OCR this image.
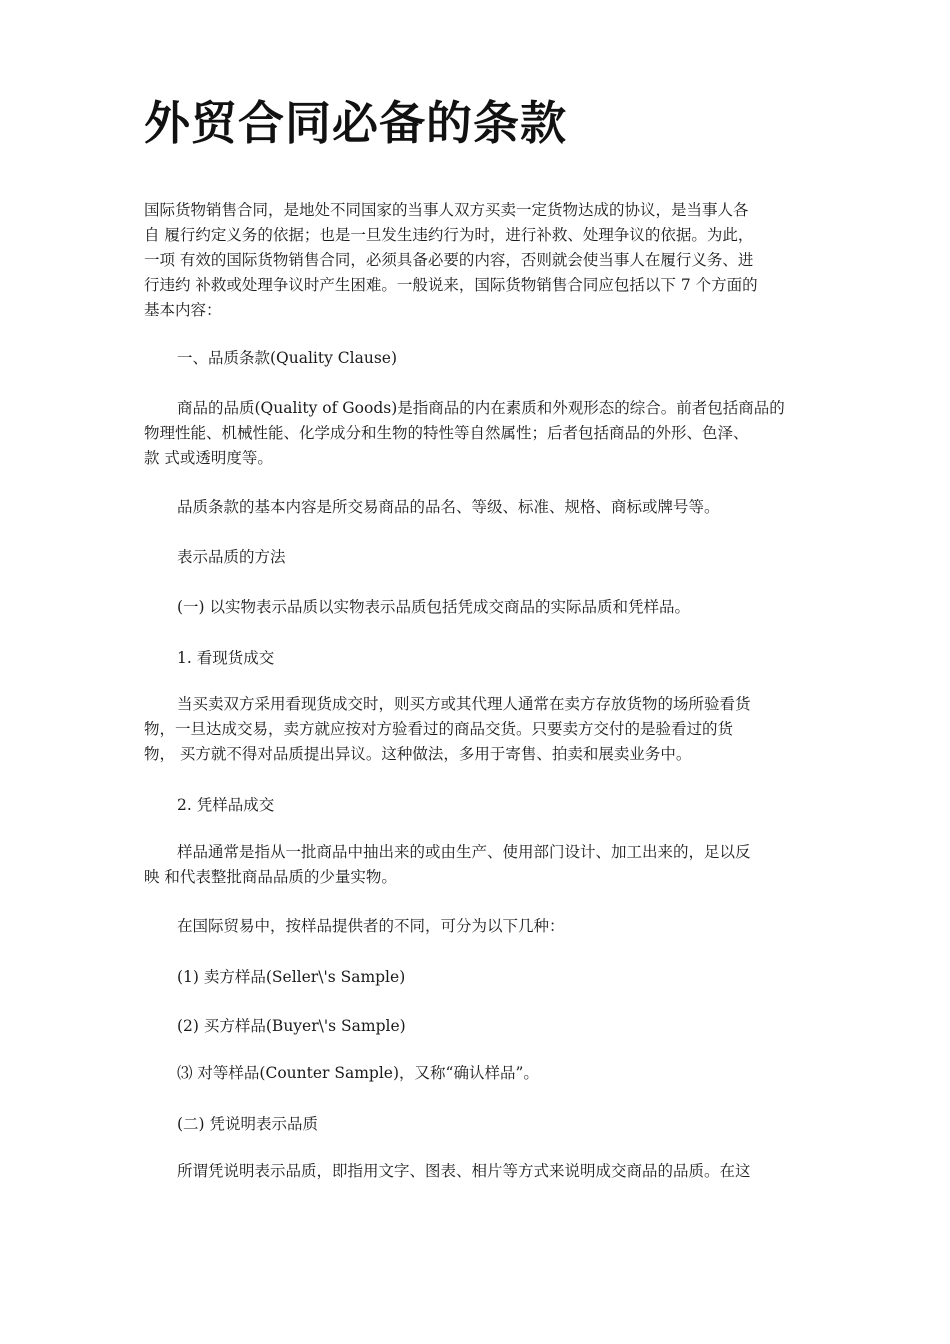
外贸合同必备的条款
国际货物销售合同，是地处不同国家的当事人双方买卖一定货物达成的协议，是当事人各
自 履行约定义务的依据；也是一旦发生违约行为时，进行补救、处理争议的依据。为此，
一项 有效的国际货物销售合同，必须具备必要的内容，否则就会使当事人在履行义务、进
行违约 补救或处理争议时产生困难。一般说来，国际货物销售合同应包括以下 7 个方面的
基本内容：
一、品质条款(Quality Clause)
商品的品质(Quality of Goods)是指商品的内在素质和外观形态的综合。前者包括商品的
物理性能、机械性能、化学成分和生物的特性等自然属性；后者包括商品的外形、色泽、
款 式或透明度等。
品质条款的基本内容是所交易商品的品名、等级、标准、规格、商标或牌号等。
表示品质的方法
(一) 以实物表示品质以实物表示品质包括凭成交商品的实际品质和凭样品。
1. 看现货成交
当买卖双方采用看现货成交时，则买方或其代理人通常在卖方存放货物的场所验看货
物，一旦达成交易，卖方就应按对方验看过的商品交货。只要卖方交付的是验看过的货
物， 买方就不得对品质提出异议。这种做法，多用于寄售、拍卖和展卖业务中。
2. 凭样品成交
样品通常是指从一批商品中抽出来的或由生产、使用部门设计、加工出来的，足以反
映 和代表整批商品品质的少量实物。
在国际贸易中，按样品提供者的不同，可分为以下几种：
(1) 卖方样品(Seller\'s Sample)
(2) 买方样品(Buyer\'s Sample)
⑶ 对等样品(Counter Sample)，又称“确认样品”。
(二) 凭说明表示品质
所谓凭说明表示品质，即指用文字、图表、相片等方式来说明成交商品的品质。在这
